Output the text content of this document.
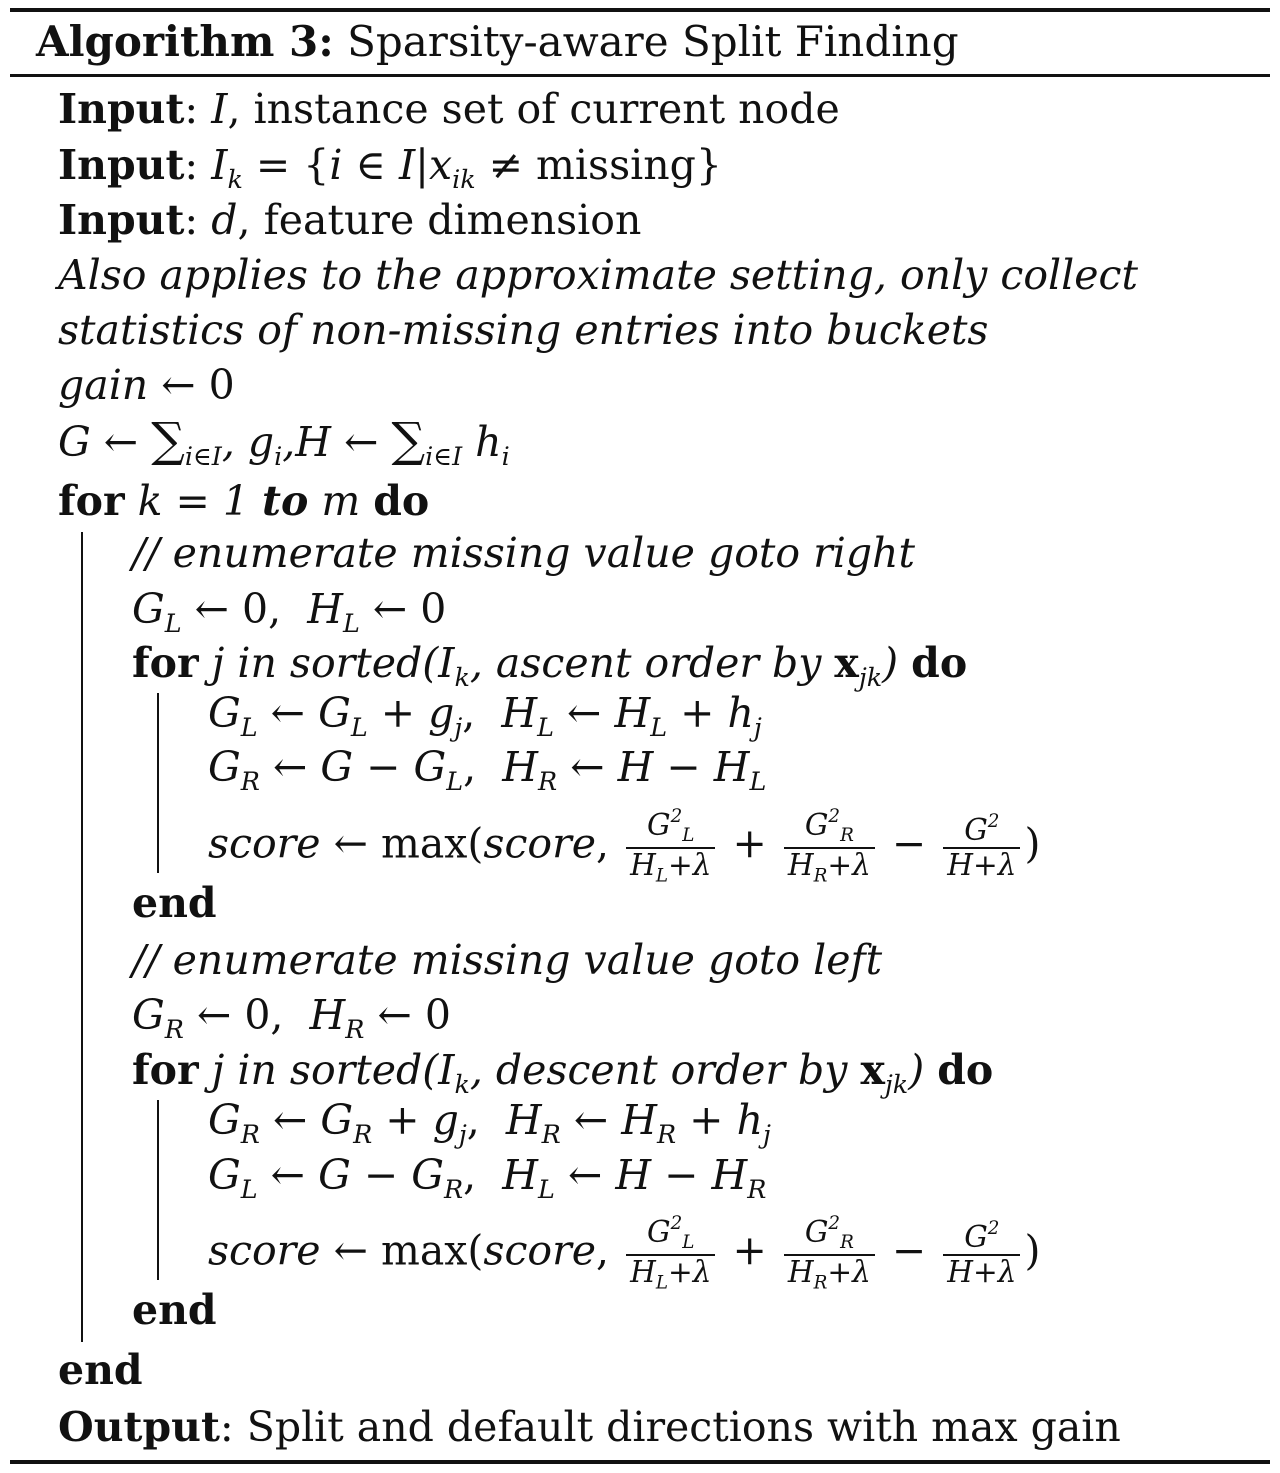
Algorithm 3: Sparsity-aware Split Finding
Input: I, instance set of current node
Input: $I_k = \{i$ ∈ $I|x_{ik} \ne missing$}
Input: d, feature dimension
Also applies to the approximate setting, only collect
statistics of non-missing entries into buckets
gain ← 0
G ← $\sum_{i\in I}$, $g_i,H$ ← $\sum_{i\in I}$ $h_i$
for k = 1 to m do
// enumerate missing value goto right
$G_L$ ← 0,  $H_L$ ← 0
for j in $sorted(I_k$, ascent order by $x_{jk}$) do
$G_L$ ← $G_L + g_j$,  $H_L$ ← $H_L + h_j$
$G_R$ ← $G - G_L$,  $H_R$ ← $H - H_L$
score ← max(score, $\frac{G^2_L}{H_L+\lambda} + \frac{G^2_R}{H_R+\lambda} - \frac{G^2}{H+\lambda}$ )
end
// enumerate missing value goto left
$G_R$ ← 0,  $H_R$ ← 0
for j in $sorted(I_k$, descent order by $x_{jk}$) do
$G_R$ ← $G_R + g_j$,  $H_R$ ← $H_R + h_j$
$G_L$ ← $G - G_R$,  $H_L$ ← $H - H_R$
score ← max(score, $\frac{G^2_L}{H_L+\lambda} + \frac{G^2_R}{H_R+\lambda} - \frac{G^2}{H+\lambda}$ )
end
end
Output: Split and default directions with max gain
